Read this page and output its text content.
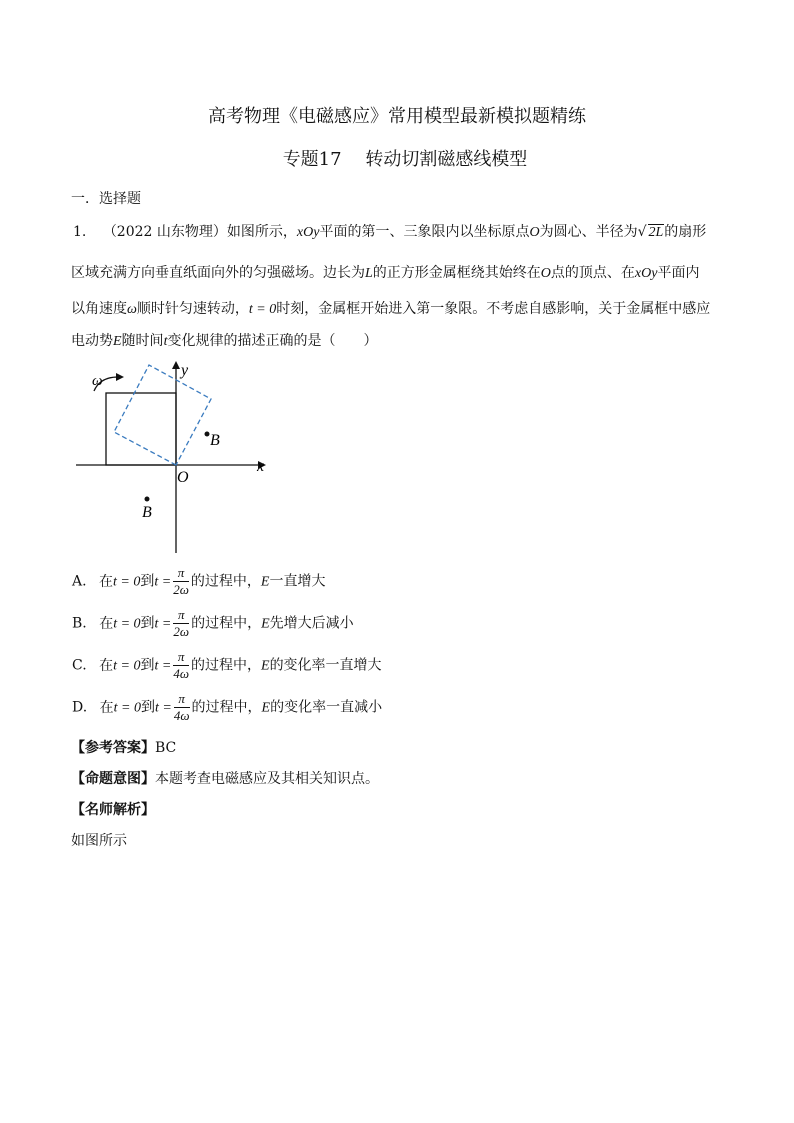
高考物理《电磁感应》常用模型最新模拟题精练
专题17　 转动切割磁感线模型
一．选择题
1. （2022 山东物理）如图所示，xOy平面的第一、三象限内以坐标原点O为圆心、半径为√ 2L的扇形
区域充满方向垂直纸面向外的匀强磁场。边长为L的正方形金属框绕其始终在O点的顶点、在xOy平面内
以角速度ω顺时针匀速转动，t = 0时刻，金属框开始进入第一象限。不考虑自感影响，关于金属框中感应
电动势E随时间t变化规律的描述正确的是（　　）
ω
y
x
O
B
B
A. 在t = 0到$t = \frac{\pi}{2\omega}$ 的过程中，E一直增大
B. 在t = 0到$t = \frac{\pi}{2\omega}$ 的过程中，E先增大后减小
C. 在t = 0到$t = \frac{\pi}{4\omega}$ 的过程中，E的变化率一直增大
D. 在t = 0到$t = \frac{\pi}{4\omega}$ 的过程中，E的变化率一直减小
【参考答案】BC
【命题意图】本题考查电磁感应及其相关知识点。
【名师解析】
如图所示
